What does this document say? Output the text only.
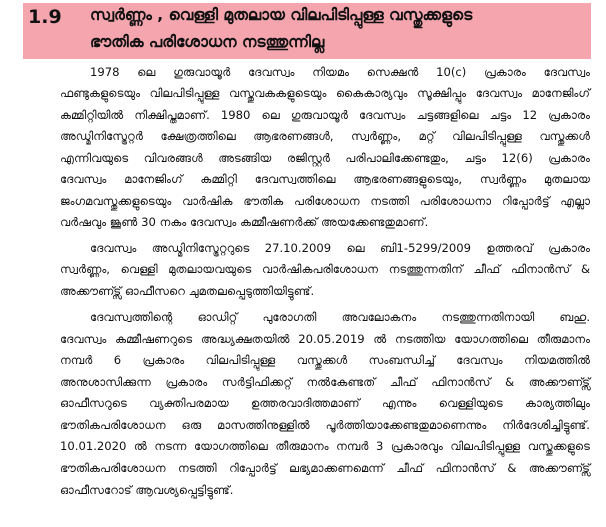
1.9 സ്വർണ്ണം , വെള്ളി മുതലായ വിലപിടിപ്പുള്ള വസ്തുക്കളുടെ
ഭൗതിക പരിശോധന നടത്തുന്നില്ല
1978 ലെ ഗുരുവായൂർ ദേവസ്വം നിയമം സെക്ഷൻ 10(c) പ്രകാരം ദേവസ്വം
ഫണ്ടുകളുടെയും വിലപിടിപ്പുള്ള വസ്തുവകകളുടെയും കൈകാര്യവും സൂക്ഷിപ്പും ദേവസ്വം മാനേജിംഗ്
കമ്മിറ്റിയിൽ നിക്ഷിപ്തമാണ്. 1980 ലെ ഗുരുവായൂർ ദേവസ്വം ചട്ടങ്ങളിലെ ചട്ടം 12 പ്രകാരം
അഡ്മിനിസ്ട്രേറ്റർ ക്ഷേത്രത്തിലെ ആഭരണങ്ങൾ, സ്വർണ്ണം, മറ്റ് വിലപിടിപ്പുള്ള വസ്തുക്കൾ
എന്നിവയുടെ വിവരങ്ങൾ അടങ്ങിയ രജിസ്റ്റർ പരിപാലിക്കേണ്ടതും, ചട്ടം 12(6) പ്രകാരം
ദേവസ്വം മാനേജിംഗ് കമ്മിറ്റി ദേവസ്വത്തിലെ ആഭരണങ്ങളുടെയും, സ്വർണ്ണം മുതലായ
ജംഗമവസ്തുക്കളുടെയും വാർഷിക ഭൗതിക പരിശോധന നടത്തി പരിശോധനാ റിപ്പോർട്ട് എല്ലാ
വർഷവും ജൂൺ 30 നകം ദേവസ്വം കമ്മീഷണർക്ക് അയക്കേണ്ടതുമാണ്.
ദേവസ്വം അഡ്മിനിസ്ട്രേറ്ററുടെ 27.10.2009 ലെ ബി1-5299/2009 ഉത്തരവ് പ്രകാരം
സ്വർണ്ണം, വെള്ളി മുതലായവയുടെ വാർഷികപരിശോധന നടത്തുന്നതിന് ചീഫ് ഫിനാൻസ് &
അക്കൗണ്ട്സ് ഓഫീസറെ ചുമതലപ്പെടുത്തിയിട്ടുണ്ട്.
ദേവസ്വത്തിന്റെ ഓഡിറ്റ് പുരോഗതി അവലോകനം നടത്തുന്നതിനായി ബഹു.
ദേവസ്വം കമ്മീഷണറുടെ അദ്ധ്യക്ഷതയിൽ 20.05.2019 ൽ നടത്തിയ യോഗത്തിലെ തീരുമാനം
നമ്പർ 6 പ്രകാരം വിലപിടിപ്പുള്ള വസ്തുക്കൾ സംബന്ധിച്ച് ദേവസ്വം നിയമത്തിൽ
അനുശാസിക്കുന്ന പ്രകാരം സർട്ടിഫിക്കറ്റ് നൽകേണ്ടത് ചീഫ് ഫിനാൻസ് & അക്കൗണ്ട്സ്
ഓഫീസറുടെ വ്യക്തിപരമായ ഉത്തരവാദിത്തമാണ് എന്നും വെള്ളിയുടെ കാര്യത്തിലും
ഭൗതികപരിശോധന ഒരു മാസത്തിനുള്ളിൽ പൂർത്തിയാക്കേണ്ടതുമാണെന്നും നിർദേശിച്ചിട്ടുണ്ട്.
10.01.2020 ൽ നടന്ന യോഗത്തിലെ തീരുമാനം നമ്പർ 3 പ്രകാരവും വിലപിടിപ്പുള്ള വസ്തുക്കളുടെ
ഭൗതികപരിശോധന നടത്തി റിപ്പോർട്ട് ലഭ്യമാക്കണമെന്ന് ചീഫ് ഫിനാൻസ് & അക്കൗണ്ട്സ്
ഓഫീസറോട് ആവശ്യപ്പെട്ടിട്ടുണ്ട്.
